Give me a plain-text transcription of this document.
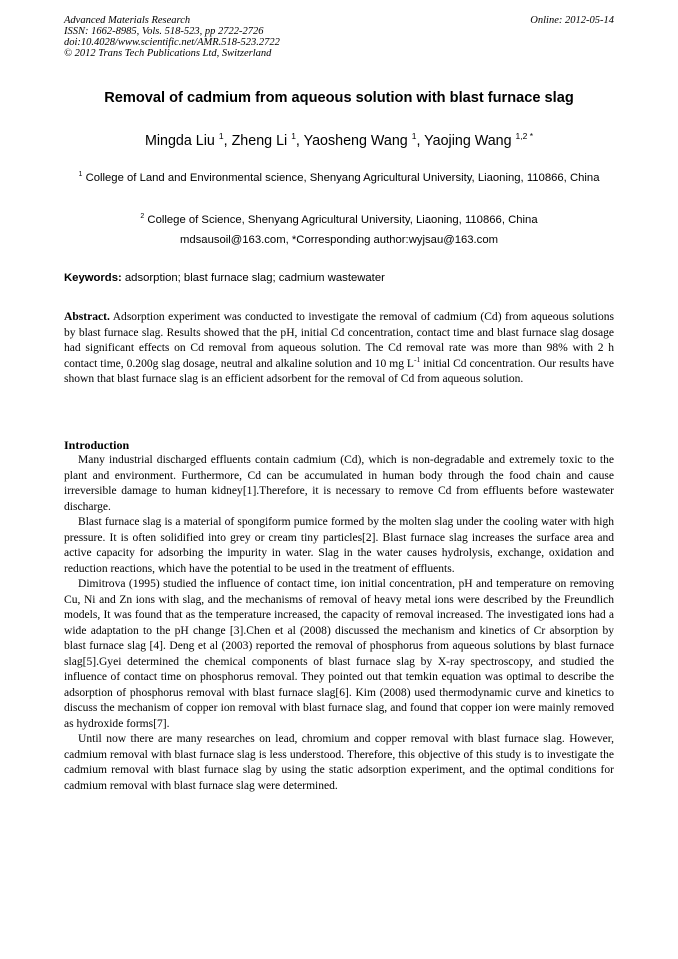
Advanced Materials Research
ISSN: 1662-8985, Vols. 518-523, pp 2722-2726
doi:10.4028/www.scientific.net/AMR.518-523.2722
© 2012 Trans Tech Publications Ltd, Switzerland
Online: 2012-05-14
Removal of cadmium from aqueous solution with blast furnace slag
Mingda Liu $^1$, Zheng Li $^1$, Yaosheng Wang $^1$, Yaojing Wang $^{1,2 *}$
$^1$ College of Land and Environmental science, Shenyang Agricultural University, Liaoning, 110866, China
$^2$ College of Science, Shenyang Agricultural University, Liaoning, 110866, China
mdsausoil@163.com, *Corresponding author:wyjsau@163.com
Keywords: adsorption; blast furnace slag; cadmium wastewater

Abstract. Adsorption experiment was conducted to investigate the removal of cadmium (Cd) from aqueous solutions by blast furnace slag. Results showed that the pH, initial Cd concentration, contact time and blast furnace slag dosage had significant effects on Cd removal from aqueous solution. The Cd removal rate was more than 98% with 2 h contact time, 0.200g slag dosage, neutral and alkaline solution and 10 mg $L^{-1}$ initial Cd concentration. Our results have shown that blast furnace slag is an efficient adsorbent for the removal of Cd from aqueous solution.

Introduction

Many industrial discharged effluents contain cadmium (Cd), which is non-degradable and extremely toxic to the plant and environment. Furthermore, Cd can be accumulated in human body through the food chain and cause irreversible damage to human kidney[1].Therefore, it is necessary to remove Cd from effluents before wastewater discharge.

Blast furnace slag is a material of spongiform pumice formed by the molten slag under the cooling water with high pressure. It is often solidified into grey or cream tiny particles[2]. Blast furnace slag increases the surface area and active capacity for adsorbing the impurity in water. Slag in the water causes hydrolysis, exchange, oxidation and reduction reactions, which have the potential to be used in the treatment of effluents.

Dimitrova (1995) studied the influence of contact time, ion initial concentration, pH and temperature on removing Cu, Ni and Zn ions with slag, and the mechanisms of removal of heavy metal ions were described by the Freundlich models, It was found that as the temperature increased, the capacity of removal increased. The investigated ions had a wide adaptation to the pH change [3].Chen et al (2008) discussed the mechanism and kinetics of Cr absorption by blast furnace slag [4]. Deng et al (2003) reported the removal of phosphorus from aqueous solutions by blast furnace slag[5].Gyei determined the chemical components of blast furnace slag by X-ray spectroscopy, and studied the influence of contact time on phosphorus removal. They pointed out that temkin equation was optimal to describe the adsorption of phosphorus removal with blast furnace slag[6]. Kim (2008) used thermodynamic curve and kinetics to discuss the mechanism of copper ion removal with blast furnace slag, and found that copper ion were mainly removed as hydroxide forms[7].

Until now there are many researches on lead, chromium and copper removal with blast furnace slag. However, cadmium removal with blast furnace slag is less understood. Therefore, this objective of this study is to investigate the cadmium removal with blast furnace slag by using the static adsorption experiment, and the optimal conditions for cadmium removal with blast furnace slag were determined.
